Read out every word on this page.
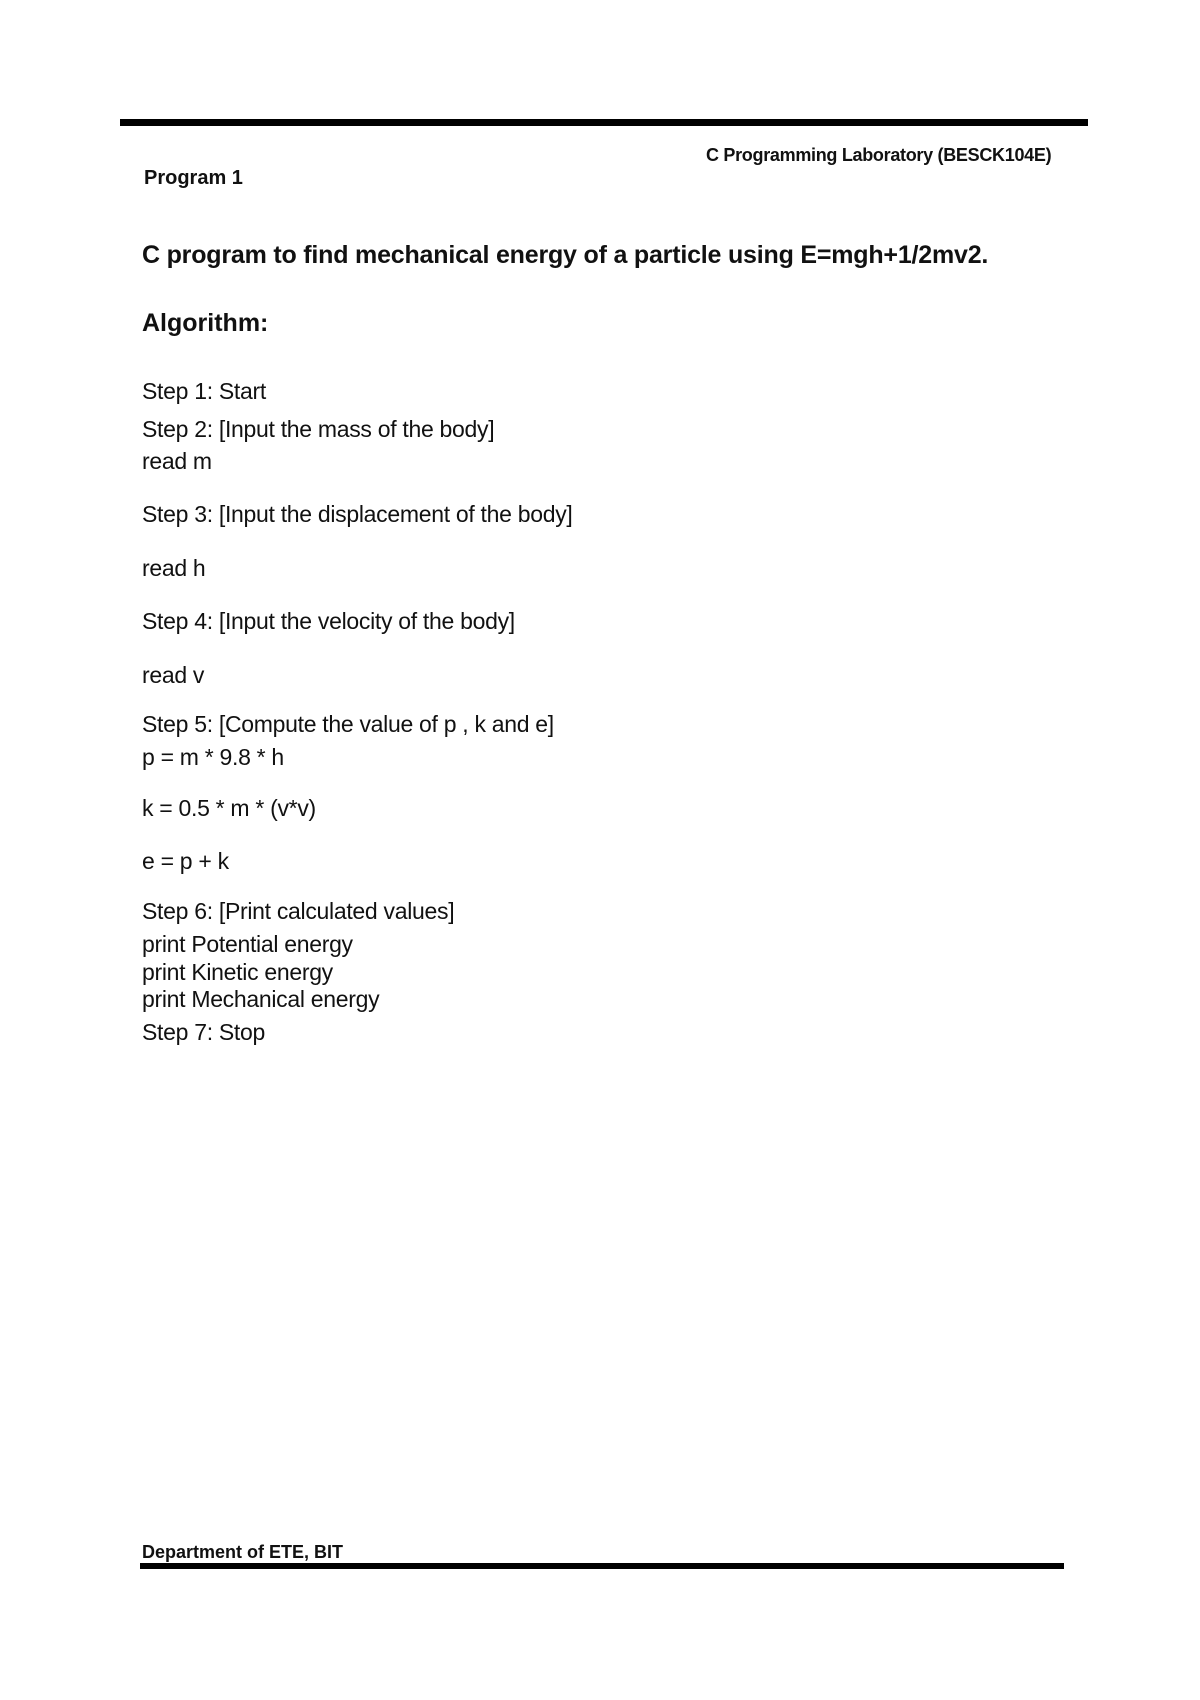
C Programming Laboratory (BESCK104E)
Program 1
C program to find mechanical energy of a particle using E=mgh+1/2mv2.
Algorithm:
Step 1: Start
Step 2: [Input the mass of the body]
read m
Step 3: [Input the displacement of the body]
read h
Step 4: [Input the velocity of the body]
read v
Step 5: [Compute the value of p , k and e]
p = m * 9.8 * h
k = 0.5 * m * (v*v)
e = p + k
Step 6: [Print calculated values]
print Potential energy
print Kinetic energy
print Mechanical energy
Step 7: Stop
Department of ETE, BIT
